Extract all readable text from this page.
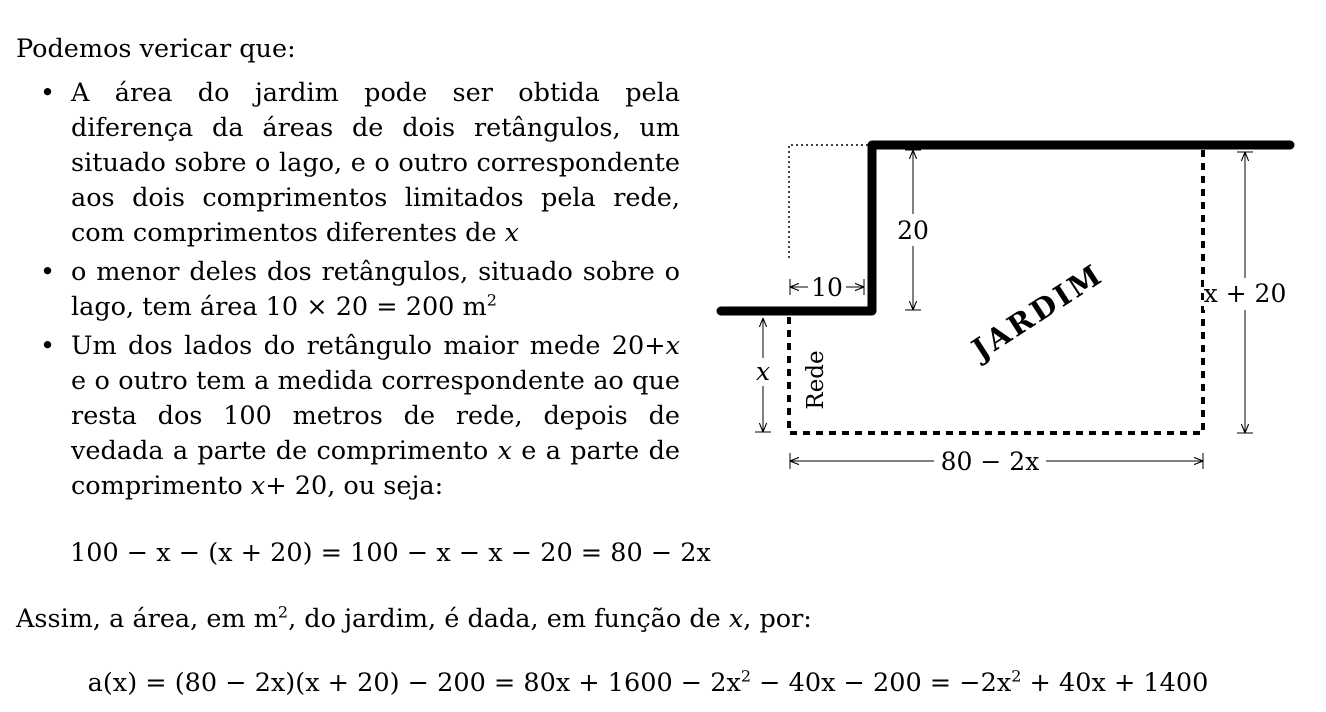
Podemos vericar que:

• A área do jardim pode ser obtida pela diferença da áreas de dois retângulos, um situado sobre o lago, e o outro correspondente aos dois comprimentos limitados pela rede, com comprimentos diferentes de x
• o menor deles dos retângulos, situado sobre o lago, tem área 10 × 20 = 200 $m^2$
• Um dos lados do retângulo maior mede 20+x e o outro tem a medida correspondente ao que resta dos 100 metros de rede, depois de vedada a parte de comprimento x e a parte de comprimento x+ 20, ou seja:
100 − x − (x + 20) = 100 − x − x − 20 = 80 − 2x

Assim, a área, em $m^2$, do jardim, é dada, em função de x, por:

$a(x) = (80 - 2x)(x + 20) - 200 = 80x + 1600 - 2x^2 - 40x - 200 = -2x^2 + 40x + 1400$
20
10
x
x + 20
80 − 2x
Rede
JARDIM
